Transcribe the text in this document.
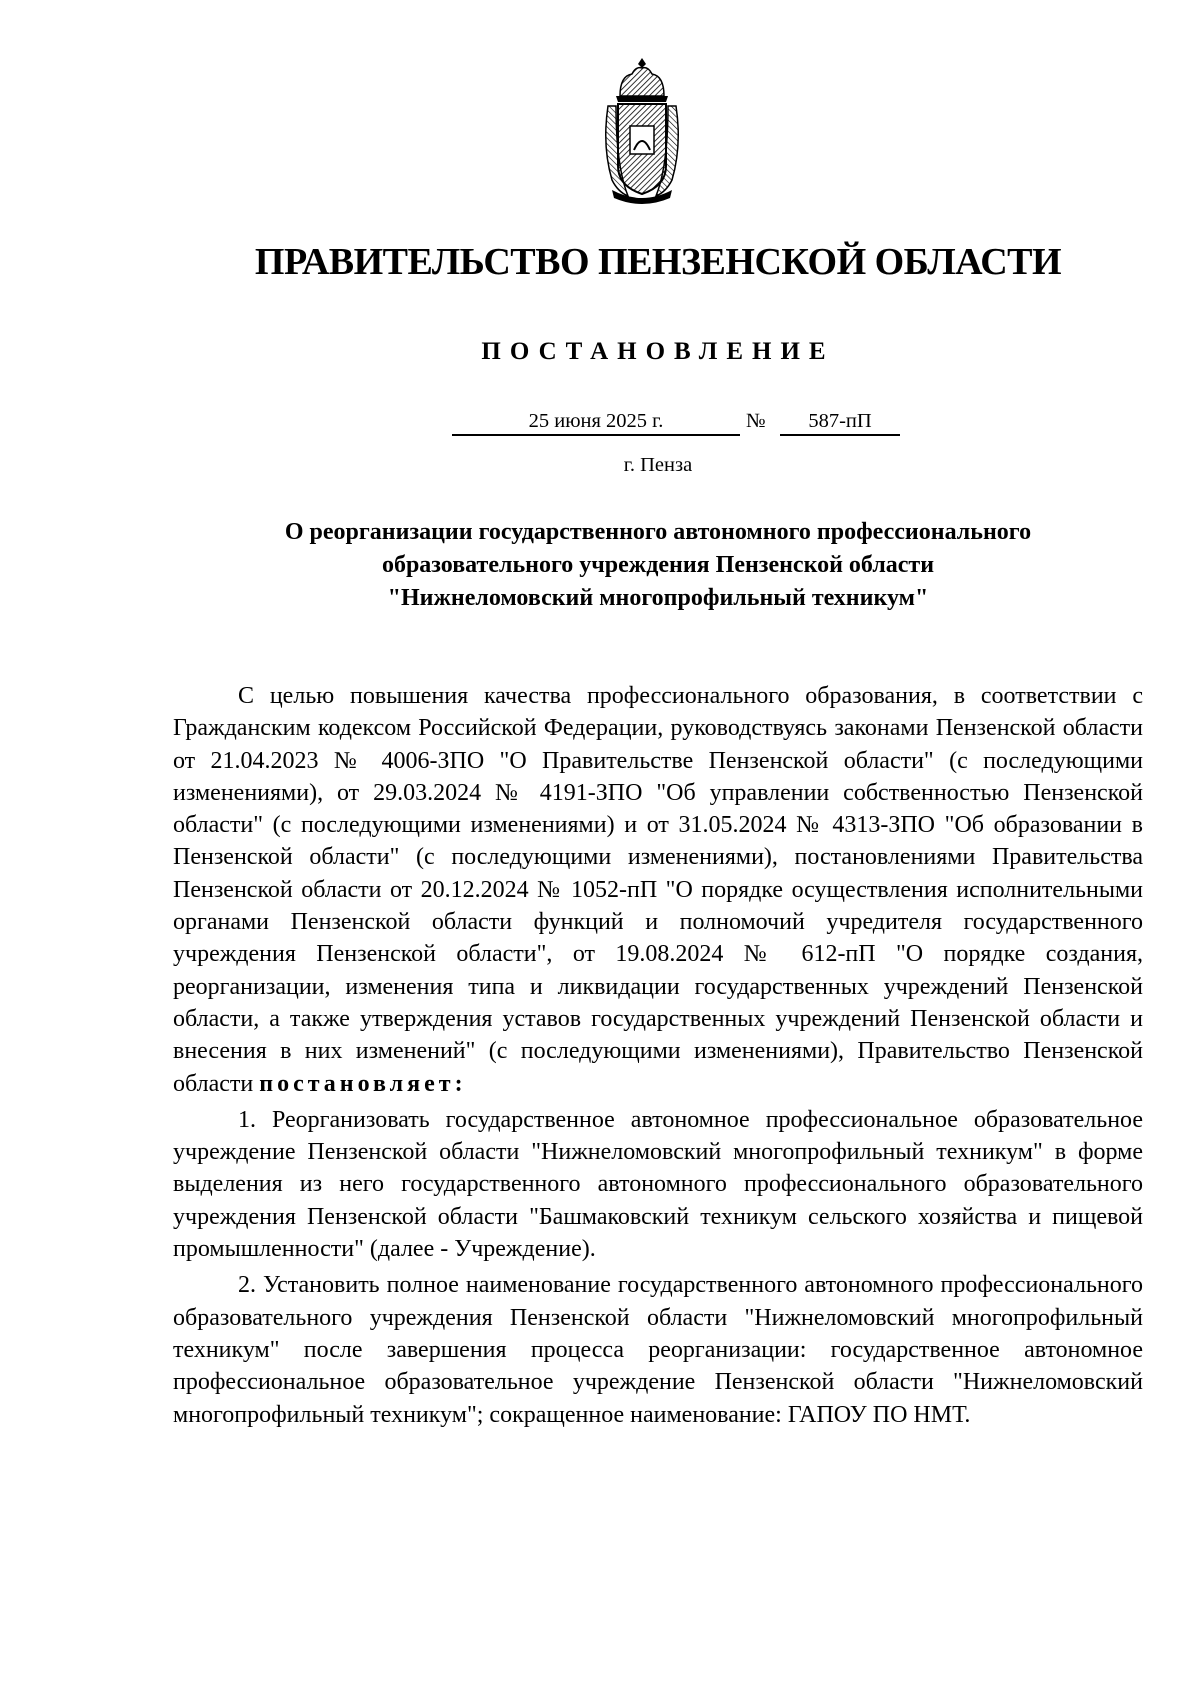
ПРАВИТЕЛЬСТВО ПЕНЗЕНСКОЙ ОБЛАСТИ
ПОСТАНОВЛЕНИЕ
25 июня 2025 г.	№	587-пП
г. Пенза
О реорганизации государственного автономного профессионального
образовательного учреждения Пензенской области
"Нижнеломовский многопрофильный техникум"

С целью повышения качества профессионального образования, в соответствии с Гражданским кодексом Российской Федерации, руководствуясь законами Пензенской области от 21.04.2023 № 4006-ЗПО "О Правительстве Пензенской области" (с последующими изменениями), от 29.03.2024 № 4191-ЗПО "Об управлении собственностью Пензенской области" (с последующими изменениями) и от 31.05.2024 № 4313-ЗПО "Об образовании в Пензенской области" (с последующими изменениями), постановлениями Правительства Пензенской области от 20.12.2024 № 1052-пП "О порядке осуществления исполнительными органами Пензенской области функций и полномочий учредителя государственного учреждения Пензенской области", от 19.08.2024 № 612-пП "О порядке создания, реорганизации, изменения типа и ликвидации государственных учреждений Пензенской области, а также утверждения уставов государственных учреждений Пензенской области и внесения в них изменений" (с последующими изменениями), Правительство Пензенской области постановляет:

1. Реорганизовать государственное автономное профессиональное образовательное учреждение Пензенской области "Нижнеломовский многопрофильный техникум" в форме выделения из него государственного автономного профессионального образовательного учреждения Пензенской области "Башмаковский техникум сельского хозяйства и пищевой промышленности" (далее - Учреждение).

2. Установить полное наименование государственного автономного профессионального образовательного учреждения Пензенской области "Нижнеломовский многопрофильный техникум" после завершения процесса реорганизации: государственное автономное профессиональное образовательное учреждение Пензенской области "Нижнеломовский многопрофильный техникум"; сокращенное наименование: ГАПОУ ПО НМТ.
